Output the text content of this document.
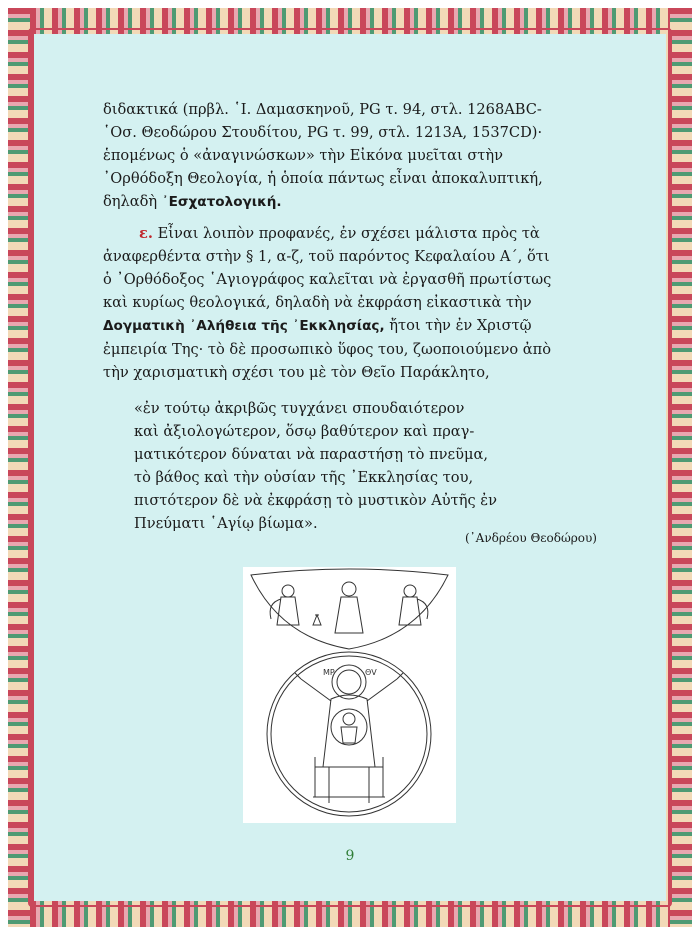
διδακτικά (πρβλ. ῾Ι. Δαμασκηνοῦ, PG τ. 94, στλ. 1268ABC-
῾Οσ. Θεοδώρου Στουδίτου, PG τ. 99, στλ. 1213A, 1537CD)·
ἑπομένως ὁ «ἀναγινώσκων» τὴν Εἰκόνα μυεῖται στὴν
᾿Ορθόδοξη Θεολογία, ἡ ὁποία πάντως εἶναι ἀποκαλυπτική,
δηλαδὴ ᾿Εσχατολογική.
ε. Εἶναι λοιπὸν προφανές, ἐν σχέσει μάλιστα πρὸς τὰ
ἀναφερθέντα στὴν § 1, α-ζ, τοῦ παρόντος Κεφαλαίου Α΄, ὅτι
ὁ ᾿Ορθόδοξος ῾Αγιογράφος καλεῖται νὰ ἐργασθῆ πρωτίστως
καὶ κυρίως θεολογικά, δηλαδὴ νὰ ἐκφράση εἰκαστικὰ τὴν
Δογματικὴ ᾿Αλήθεια τῆς ᾿Εκκλησίας, ἤτοι τὴν ἐν Χριστῷ
ἐμπειρία Της· τὸ δὲ προσωπικὸ ὕφος του, ζωοποιούμενο ἀπὸ
τὴν χαρισματικὴ σχέσι του μὲ τὸν Θεῖο Παράκλητο,
«ἐν τούτῳ ἀκριβῶς τυγχάνει σπουδαιότερον
καὶ ἀξιολογώτερον, ὅσῳ βαθύτερον καὶ πραγ-
ματικότερον δύναται νὰ παραστήσῃ τὸ πνεῦμα,
τὸ βάθος καὶ τὴν οὐσίαν τῆς ᾿Εκκλησίας του,
πιστότερον δὲ νὰ ἐκφράσῃ τὸ μυστικὸν Αὐτῆς ἐν
Πνεύματι ῾Αγίῳ βίωμα».
(᾿Ανδρέου Θεοδώρου)
MP	ΘV
9
